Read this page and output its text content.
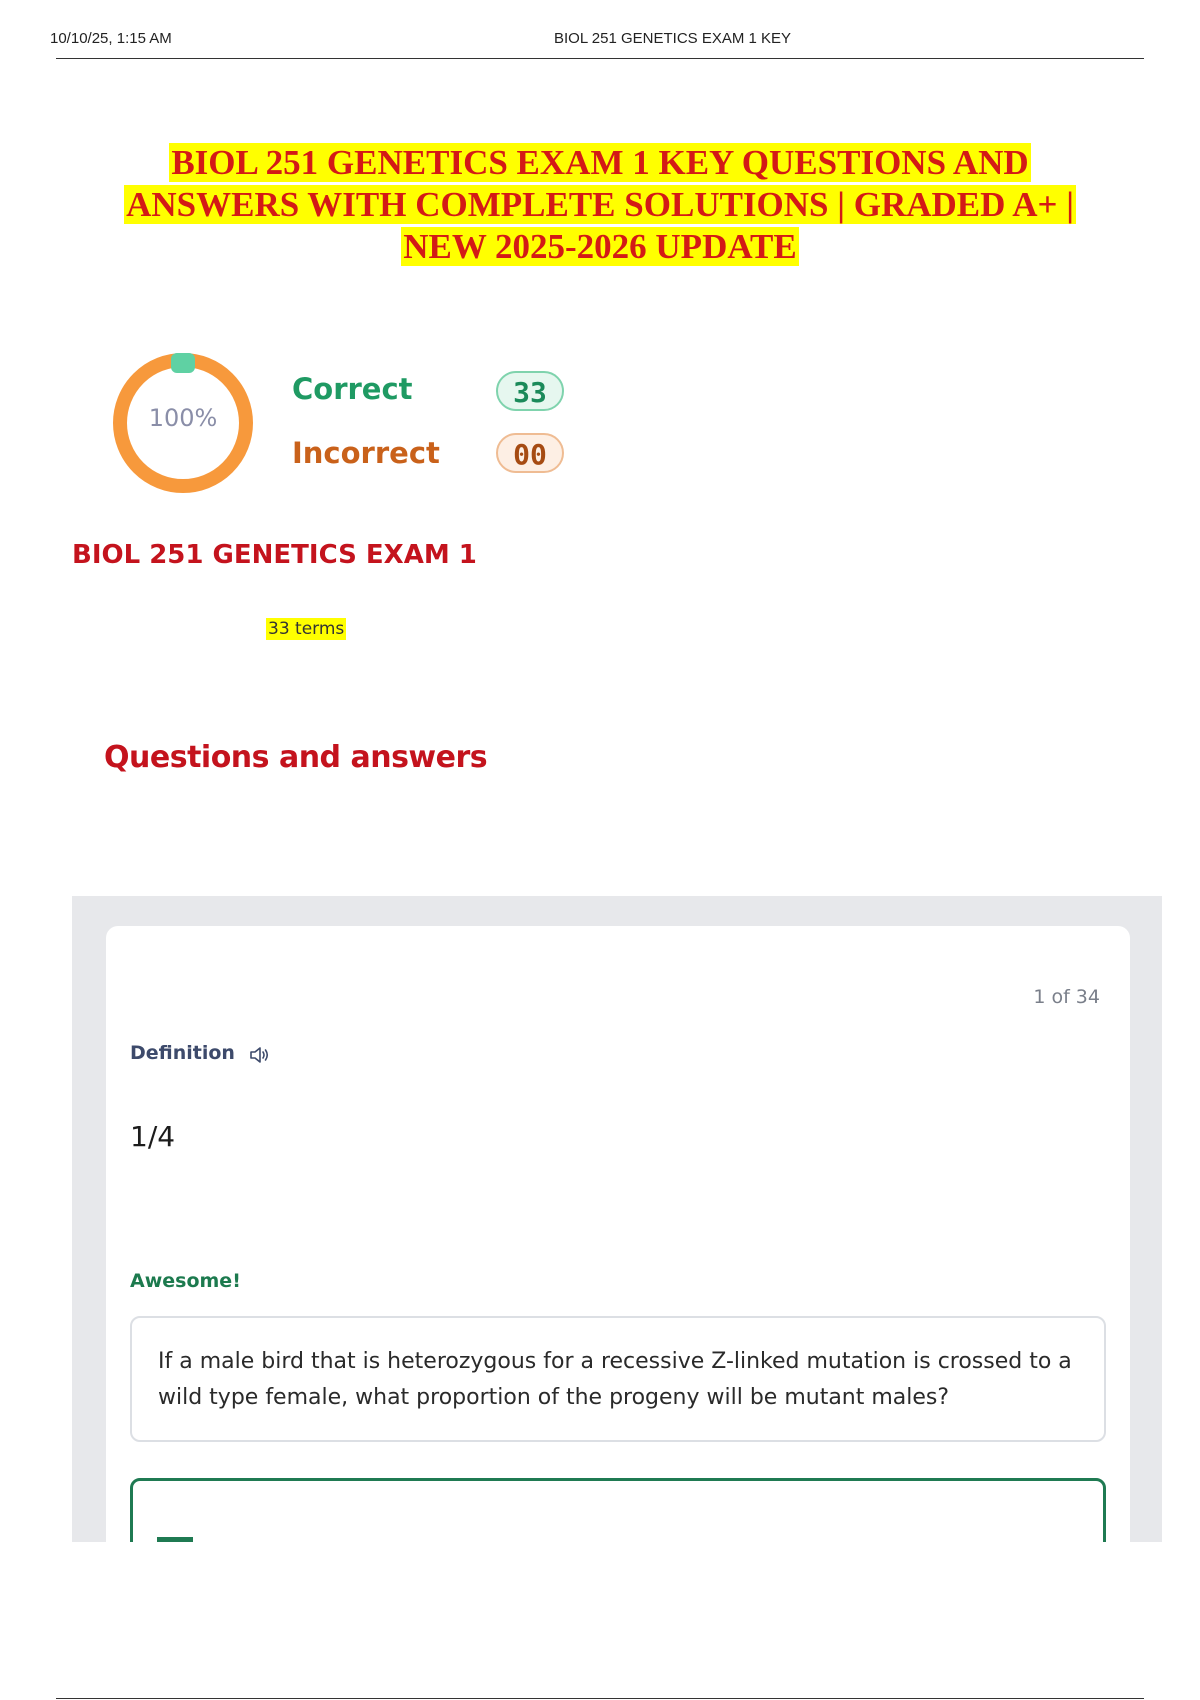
10/10/25, 1:15 AM	BIOL 251 GENETICS EXAM 1 KEY
BIOL 251 GENETICS EXAM 1 KEY QUESTIONS AND
ANSWERS WITH COMPLETE SOLUTIONS | GRADED A+ |
NEW 2025-2026 UPDATE
100%
Correct	33
Incorrect	00
BIOL 251 GENETICS EXAM 1
33 terms
Questions and answers
1 of 34
Definition
1/4
Awesome!
If a male bird that is heterozygous for a recessive Z-linked mutation is crossed to a wild type female, what proportion of the progeny will be mutant males?
